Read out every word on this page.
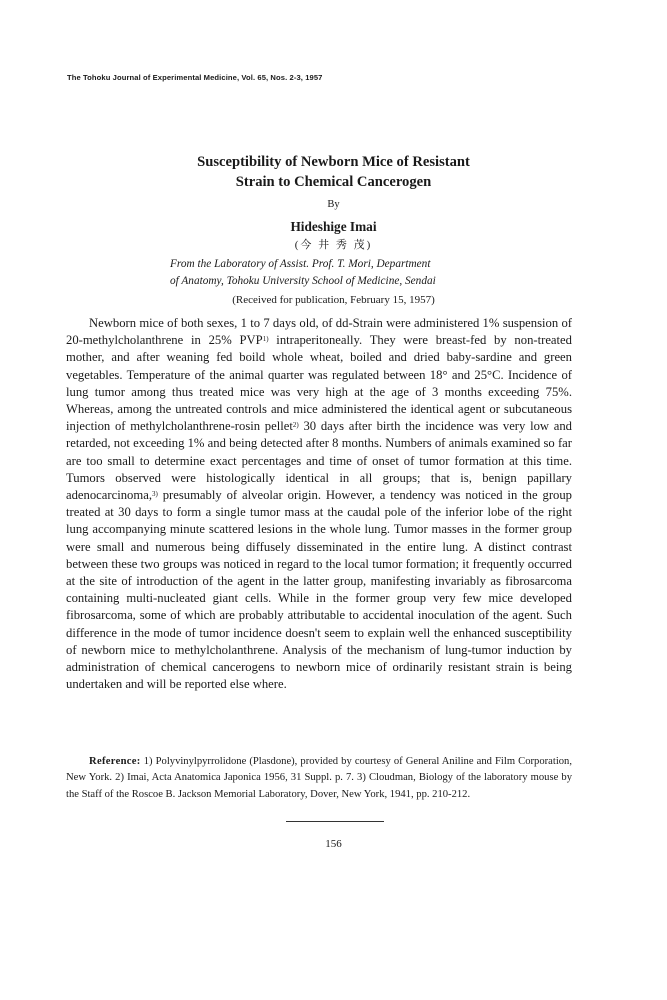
The Tohoku Journal of Experimental Medicine, Vol. 65, Nos. 2-3, 1957
Susceptibility of Newborn Mice of Resistant
Strain to Chemical Cancerogen
By
Hideshige Imai
(今 井 秀 茂)
From the Laboratory of Assist. Prof. T. Mori, Department
of Anatomy, Tohoku University School of Medicine, Sendai
(Received for publication, February 15, 1957)

Newborn mice of both sexes, 1 to 7 days old, of dd-Strain were administered 1% suspension of 20-methylcholanthrene in 25% PVP$^{1)}$ intraperitoneally. They were breast-fed by non-treated mother, and after weaning fed boild whole wheat, boiled and dried baby-sardine and green vegetables. Temperature of the animal quarter was regulated between 18° and 25°C. Incidence of lung tumor among thus treated mice was very high at the age of 3 months exceeding 75%. Whereas, among the untreated controls and mice administered the identical agent or subcutaneous injection of methylcholanthrene-rosin pellet$^{2)}$ 30 days after birth the incidence was very low and retarded, not exceeding 1% and being detected after 8 months. Numbers of animals examined so far are too small to determine exact percentages and time of onset of tumor formation at this time. Tumors observed were histologically identical in all groups; that is, benign papillary adenocarcinoma,$^{3)}$ presumably of alveolar origin. However, a tendency was noticed in the group treated at 30 days to form a single tumor mass at the caudal pole of the inferior lobe of the right lung accompanying minute scattered lesions in the whole lung. Tumor masses in the former group were small and numerous being diffusely disseminated in the entire lung. A distinct contrast between these two groups was noticed in regard to the local tumor formation; it frequently occurred at the site of introduction of the agent in the latter group, manifesting invariably as fibrosarcoma containing multi-nucleated giant cells. While in the former group very few mice developed fibrosarcoma, some of which are probably attributable to accidental inoculation of the agent. Such difference in the mode of tumor incidence doesn't seem to explain well the enhanced susceptibility of newborn mice to methylcholanthrene. Analysis of the mechanism of lung-tumor induction by administration of chemical cancerogens to newborn mice of ordinarily resistant strain is being undertaken and will be reported else where.

Reference: 1) Polyvinylpyrrolidone (Plasdone), provided by courtesy of General Aniline and Film Corporation, New York. 2) Imai, Acta Anatomica Japonica 1956, 31 Suppl. p. 7. 3) Cloudman, Biology of the laboratory mouse by the Staff of the Roscoe B. Jackson Memorial Laboratory, Dover, New York, 1941, pp. 210-212.

156
